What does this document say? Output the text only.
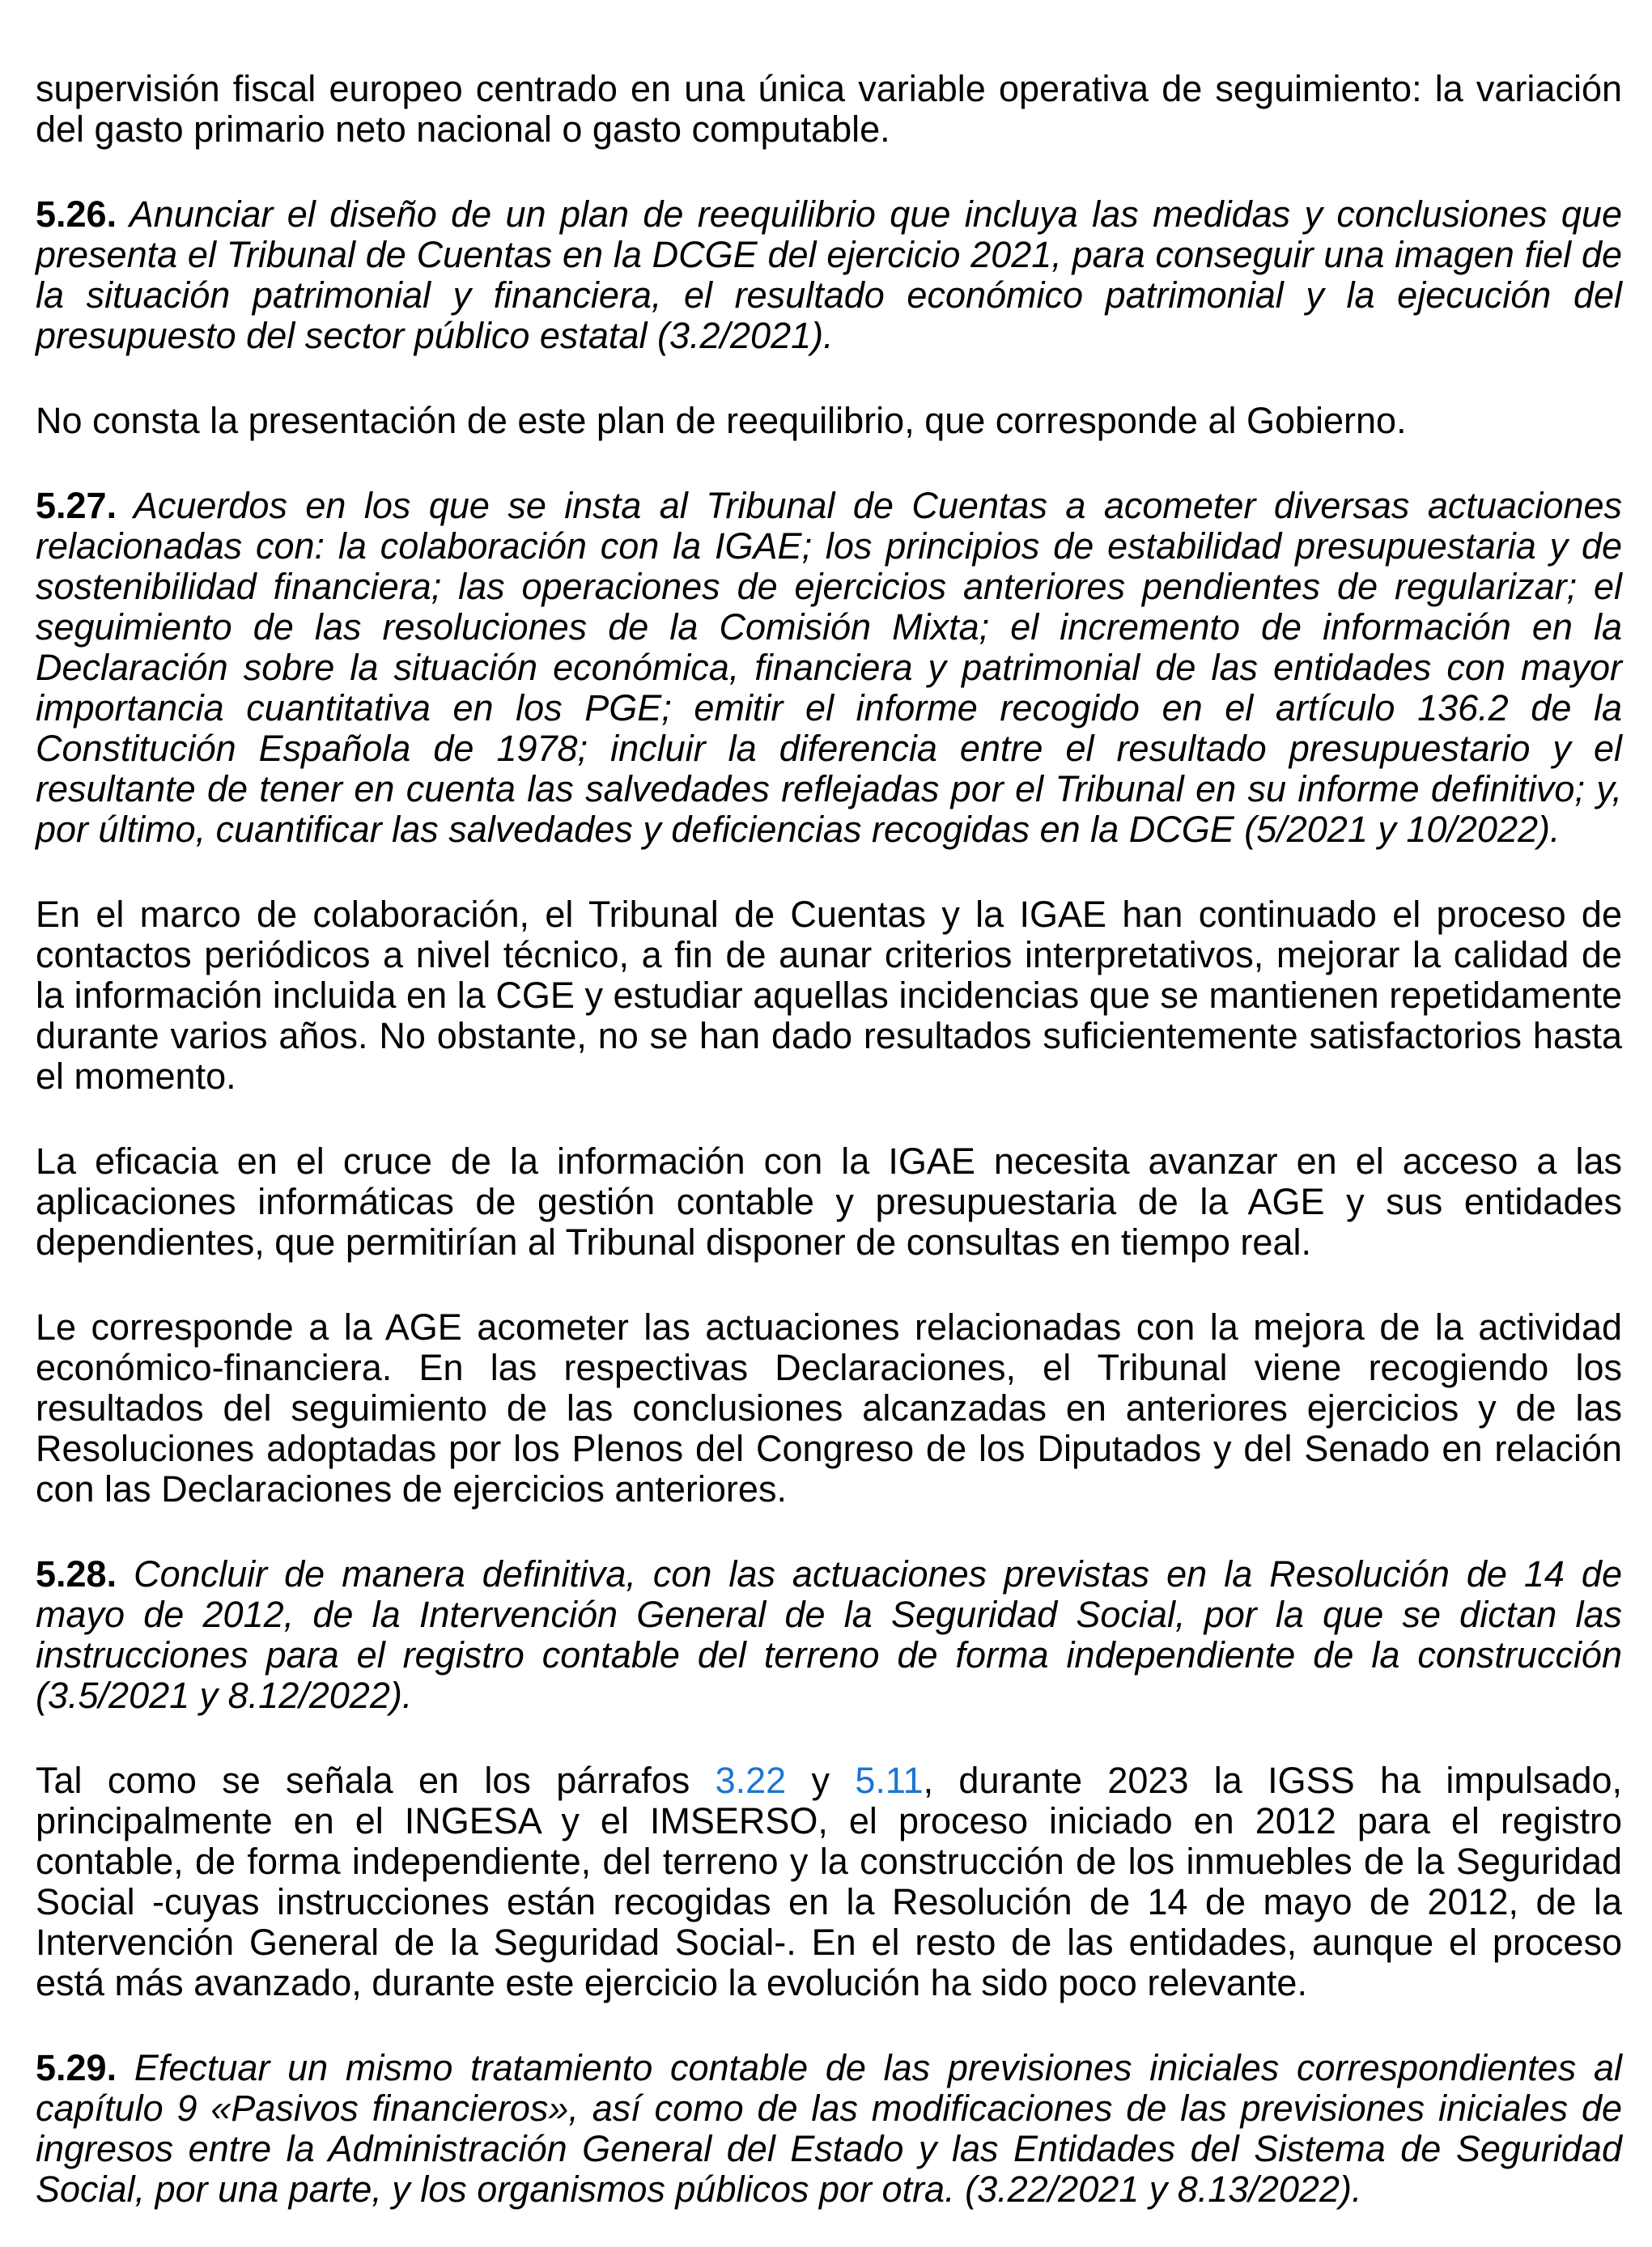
supervisión fiscal europeo centrado en una única variable operativa de seguimiento: la variación del gasto primario neto nacional o gasto computable.

5.26. Anunciar el diseño de un plan de reequilibrio que incluya las medidas y conclusiones que presenta el Tribunal de Cuentas en la DCGE del ejercicio 2021, para conseguir una imagen fiel de la situación patrimonial y financiera, el resultado económico patrimonial y la ejecución del presupuesto del sector público estatal (3.2/2021).

No consta la presentación de este plan de reequilibrio, que corresponde al Gobierno.

5.27. Acuerdos en los que se insta al Tribunal de Cuentas a acometer diversas actuaciones relacionadas con: la colaboración con la IGAE; los principios de estabilidad presupuestaria y de sostenibilidad financiera; las operaciones de ejercicios anteriores pendientes de regularizar; el seguimiento de las resoluciones de la Comisión Mixta; el incremento de información en la Declaración sobre la situación económica, financiera y patrimonial de las entidades con mayor importancia cuantitativa en los PGE; emitir el informe recogido en el artículo 136.2 de la Constitución Española de 1978; incluir la diferencia entre el resultado presupuestario y el resultante de tener en cuenta las salvedades reflejadas por el Tribunal en su informe definitivo; y, por último, cuantificar las salvedades y deficiencias recogidas en la DCGE (5/2021 y 10/2022).

En el marco de colaboración, el Tribunal de Cuentas y la IGAE han continuado el proceso de contactos periódicos a nivel técnico, a fin de aunar criterios interpretativos, mejorar la calidad de la información incluida en la CGE y estudiar aquellas incidencias que se mantienen repetidamente durante varios años. No obstante, no se han dado resultados suficientemente satisfactorios hasta el momento.

La eficacia en el cruce de la información con la IGAE necesita avanzar en el acceso a las aplicaciones informáticas de gestión contable y presupuestaria de la AGE y sus entidades dependientes, que permitirían al Tribunal disponer de consultas en tiempo real.

Le corresponde a la AGE acometer las actuaciones relacionadas con la mejora de la actividad económico-financiera. En las respectivas Declaraciones, el Tribunal viene recogiendo los resultados del seguimiento de las conclusiones alcanzadas en anteriores ejercicios y de las Resoluciones adoptadas por los Plenos del Congreso de los Diputados y del Senado en relación con las Declaraciones de ejercicios anteriores.

5.28. Concluir de manera definitiva, con las actuaciones previstas en la Resolución de 14 de mayo de 2012, de la Intervención General de la Seguridad Social, por la que se dictan las instrucciones para el registro contable del terreno de forma independiente de la construcción (3.5/2021 y 8.12/2022).

Tal como se señala en los párrafos 3.22 y 5.11, durante 2023 la IGSS ha impulsado, principalmente en el INGESA y el IMSERSO, el proceso iniciado en 2012 para el registro contable, de forma independiente, del terreno y la construcción de los inmuebles de la Seguridad Social -cuyas instrucciones están recogidas en la Resolución de 14 de mayo de 2012, de la Intervención General de la Seguridad Social-. En el resto de las entidades, aunque el proceso está más avanzado, durante este ejercicio la evolución ha sido poco relevante.

5.29. Efectuar un mismo tratamiento contable de las previsiones iniciales correspondientes al capítulo 9 «Pasivos financieros», así como de las modificaciones de las previsiones iniciales de ingresos entre la Administración General del Estado y las Entidades del Sistema de Seguridad Social, por una parte, y los organismos públicos por otra. (3.22/2021 y 8.13/2022).
